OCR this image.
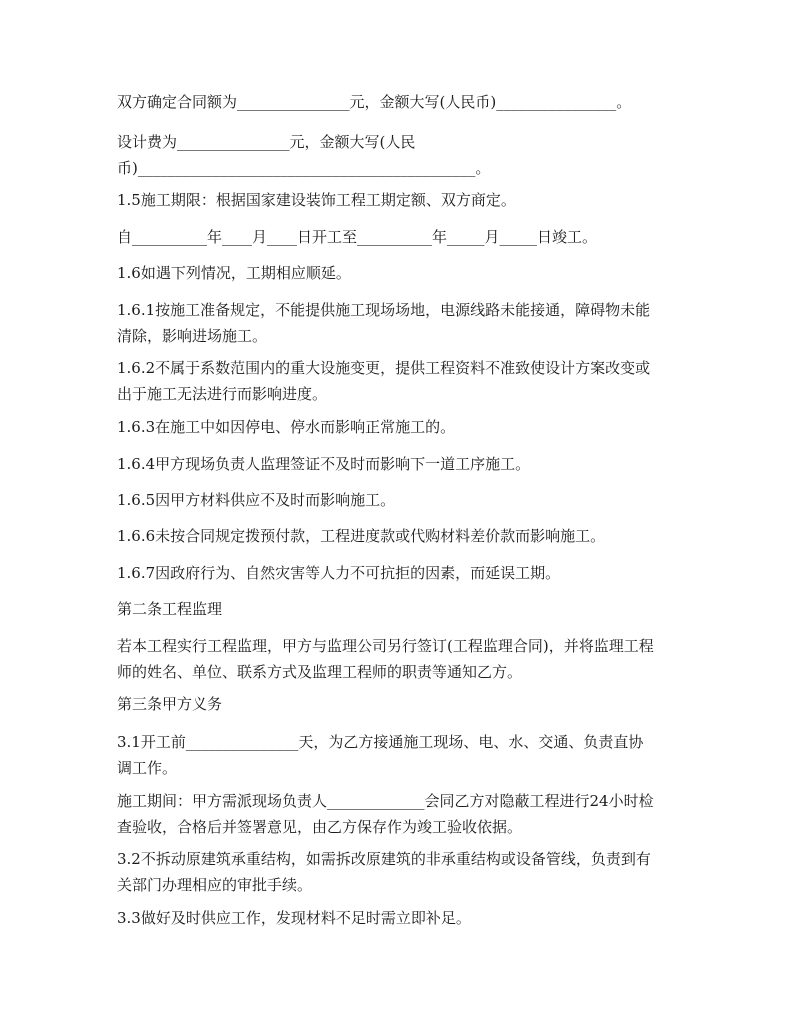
双方确定合同额为_______________元，金额大写(人民币)________________。

设计费为_______________元，金额大写(人民
币)_____________________________________________。

1.5施工期限：根据国家建设装饰工程工期定额、双方商定。

自__________年____月____日开工至__________年_____月_____日竣工。

1.6如遇下列情况，工期相应顺延。

1.6.1按施工准备规定，不能提供施工现场场地，电源线路未能接通，障碍物未能
清除，影响进场施工。

1.6.2不属于系数范围内的重大设施变更，提供工程资料不准致使设计方案改变或
出于施工无法进行而影响进度。

1.6.3在施工中如因停电、停水而影响正常施工的。

1.6.4甲方现场负责人监理签证不及时而影响下一道工序施工。

1.6.5因甲方材料供应不及时而影响施工。

1.6.6未按合同规定拨预付款，工程进度款或代购材料差价款而影响施工。

1.6.7因政府行为、自然灾害等人力不可抗拒的因素，而延误工期。

第二条工程监理

若本工程实行工程监理，甲方与监理公司另行签订(工程监理合同)，并将监理工程
师的姓名、单位、联系方式及监理工程师的职责等通知乙方。

第三条甲方义务

3.1开工前_______________天，为乙方接通施工现场、电、水、交通、负责直协
调工作。

施工期间：甲方需派现场负责人_____________会同乙方对隐蔽工程进行24小时检
查验收，合格后并签署意见，由乙方保存作为竣工验收依据。

3.2不拆动原建筑承重结构，如需拆改原建筑的非承重结构或设备管线，负责到有
关部门办理相应的审批手续。

3.3做好及时供应工作，发现材料不足时需立即补足。
